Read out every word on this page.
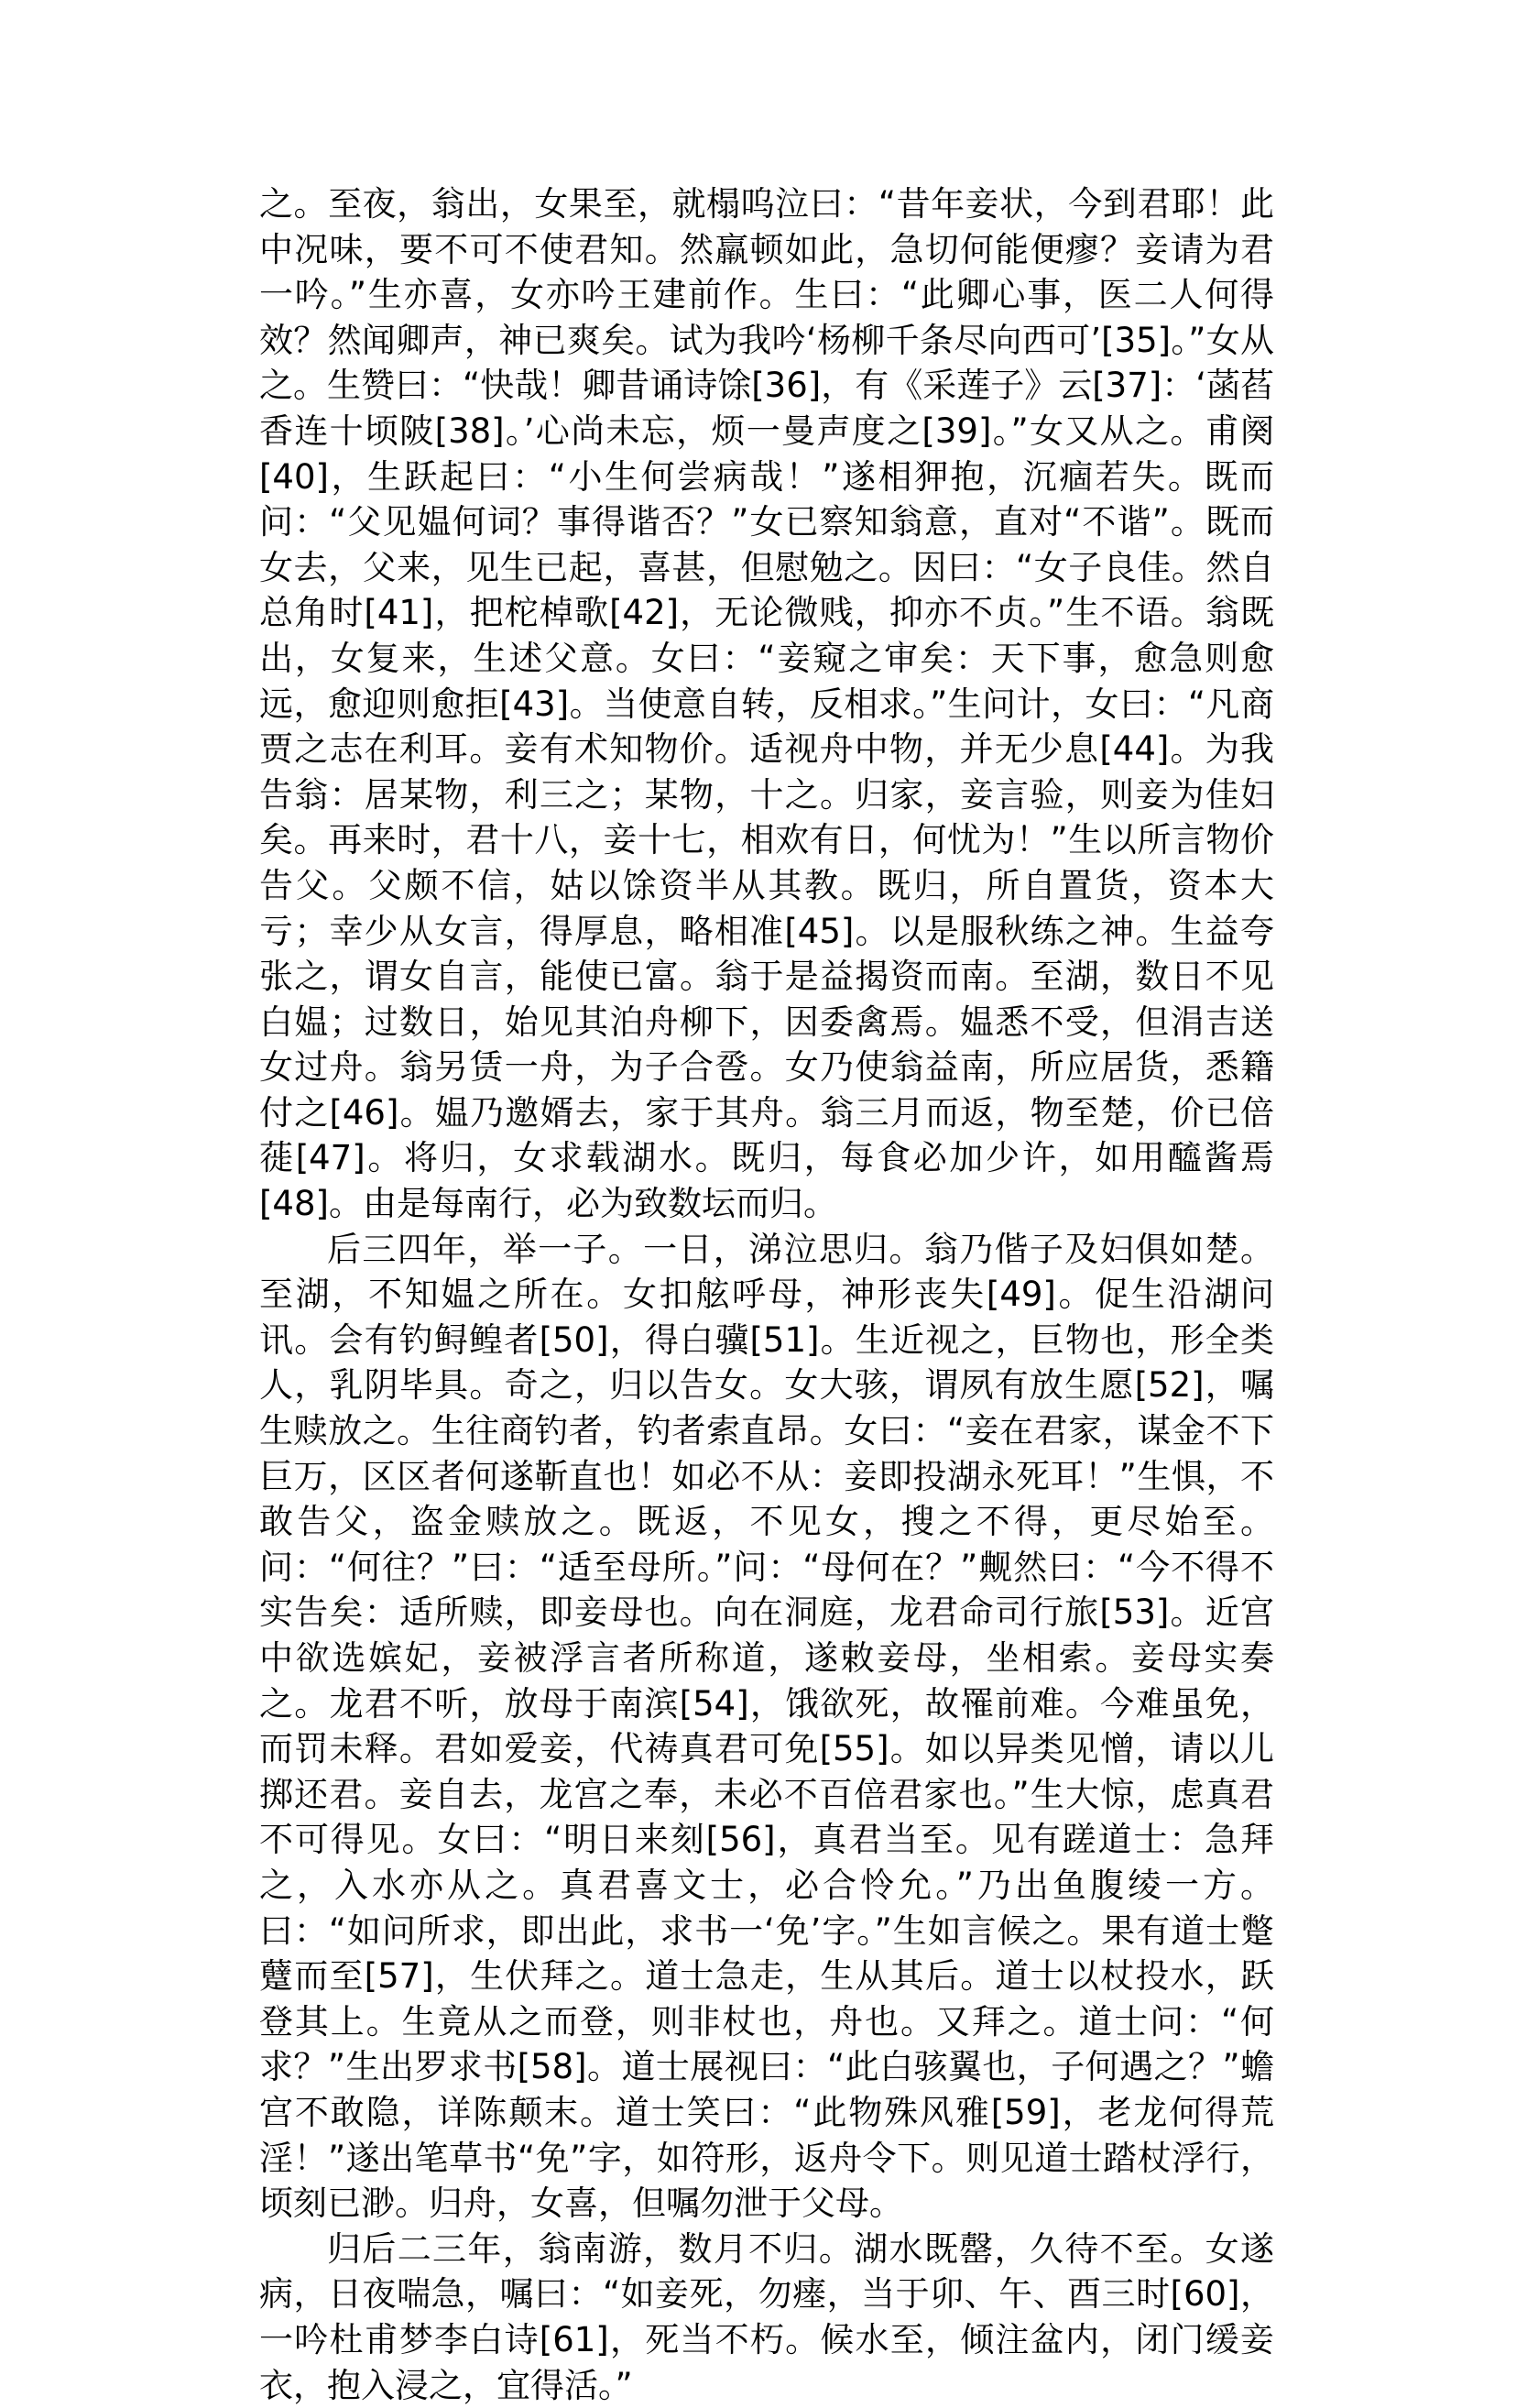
之。至夜，翁出，女果至，就榻呜泣曰：“昔年妾状，今到君耶！此中况味，要不可不使君知。然羸顿如此，急切何能便瘳？妾请为君一吟。”生亦喜，女亦吟王建前作。生曰：“此卿心事，医二人何得效？然闻卿声，神已爽矣。试为我吟‘杨柳千条尽向西可’[35]。”女从之。生赞曰：“快哉！卿昔诵诗馀[36]，有《采莲子》云[37]：‘菡萏香连十顷陂[38]。’心尚未忘，烦一曼声度之[39]。”女又从之。甫阕[40]，生跃起曰：“小生何尝病哉！”遂相狎抱，沉痼若失。既而问：“父见媪何词？事得谐否？”女已察知翁意，直对“不谐”。既而女去，父来，见生已起，喜甚，但慰勉之。因曰：“女子良佳。然自总角时[41]，把柁棹歌[42]，无论微贱，抑亦不贞。”生不语。翁既出，女复来，生述父意。女曰：“妾窥之审矣：天下事，愈急则愈远，愈迎则愈拒[43]。当使意自转，反相求。”生问计，女曰：“凡商贾之志在利耳。妾有术知物价。适视舟中物，并无少息[44]。为我告翁：居某物，利三之；某物，十之。归家，妾言验，则妾为佳妇矣。再来时，君十八，妾十七，相欢有日，何忧为！”生以所言物价告父。父颇不信，姑以馀资半从其教。既归，所自置货，资本大亏；幸少从女言，得厚息，略相准[45]。以是服秋练之神。生益夸张之，谓女自言，能使已富。翁于是益揭资而南。至湖，数日不见白媪；过数日，始见其泊舟柳下，因委禽焉。媪悉不受，但涓吉送女过舟。翁另赁一舟，为子合卺。女乃使翁益南，所应居货，悉籍付之[46]。媪乃邀婿去，家于其舟。翁三月而返，物至楚，价已倍蓰[47]。将归，女求载湖水。既归，每食必加少许，如用醯酱焉[48]。由是每南行，必为致数坛而归。

后三四年，举一子。一日，涕泣思归。翁乃偕子及妇俱如楚。至湖，不知媪之所在。女扣舷呼母，神形丧失[49]。促生沿湖问讯。会有钓鲟鳇者[50]，得白骥[51]。生近视之，巨物也，形全类人，乳阴毕具。奇之，归以告女。女大骇，谓夙有放生愿[52]，嘱生赎放之。生往商钓者，钓者索直昂。女曰：“妾在君家，谋金不下巨万，区区者何遂靳直也！如必不从：妾即投湖永死耳！”生惧，不敢告父，盗金赎放之。既返，不见女，搜之不得，更尽始至。问：“何往？”曰：“适至母所。”问：“母何在？”觍然曰：“今不得不实告矣：适所赎，即妾母也。向在洞庭，龙君命司行旅[53]。近宫中欲选嫔妃，妾被浮言者所称道，遂敕妾母，坐相索。妾母实奏之。龙君不听，放母于南滨[54]，饿欲死，故罹前难。今难虽免，而罚未释。君如爱妾，代祷真君可免[55]。如以异类见憎，请以儿掷还君。妾自去，龙宫之奉，未必不百倍君家也。”生大惊，虑真君不可得见。女曰：“明日来刻[56]，真君当至。见有蹉道士：急拜之，入水亦从之。真君喜文士，必合怜允。”乃出鱼腹绫一方。曰：“如问所求，即出此，求书一‘免’字。”生如言候之。果有道士蹩躠而至[57]，生伏拜之。道士急走，生从其后。道士以杖投水，跃登其上。生竟从之而登，则非杖也，舟也。又拜之。道士问：“何求？”生出罗求书[58]。道士展视曰：“此白骇翼也，子何遇之？”蟾宫不敢隐，详陈颠末。道士笑曰：“此物殊风雅[59]，老龙何得荒淫！”遂出笔草书“免”字，如符形，返舟令下。则见道士踏杖浮行，顷刻已渺。归舟，女喜，但嘱勿泄于父母。

归后二三年，翁南游，数月不归。湖水既罄，久待不至。女遂病，日夜喘急，嘱曰：“如妾死，勿瘗，当于卯、午、酉三时[60]，一吟杜甫梦李白诗[61]，死当不朽。候水至，倾注盆内，闭门缓妾衣，抱入浸之，宜得活。”
